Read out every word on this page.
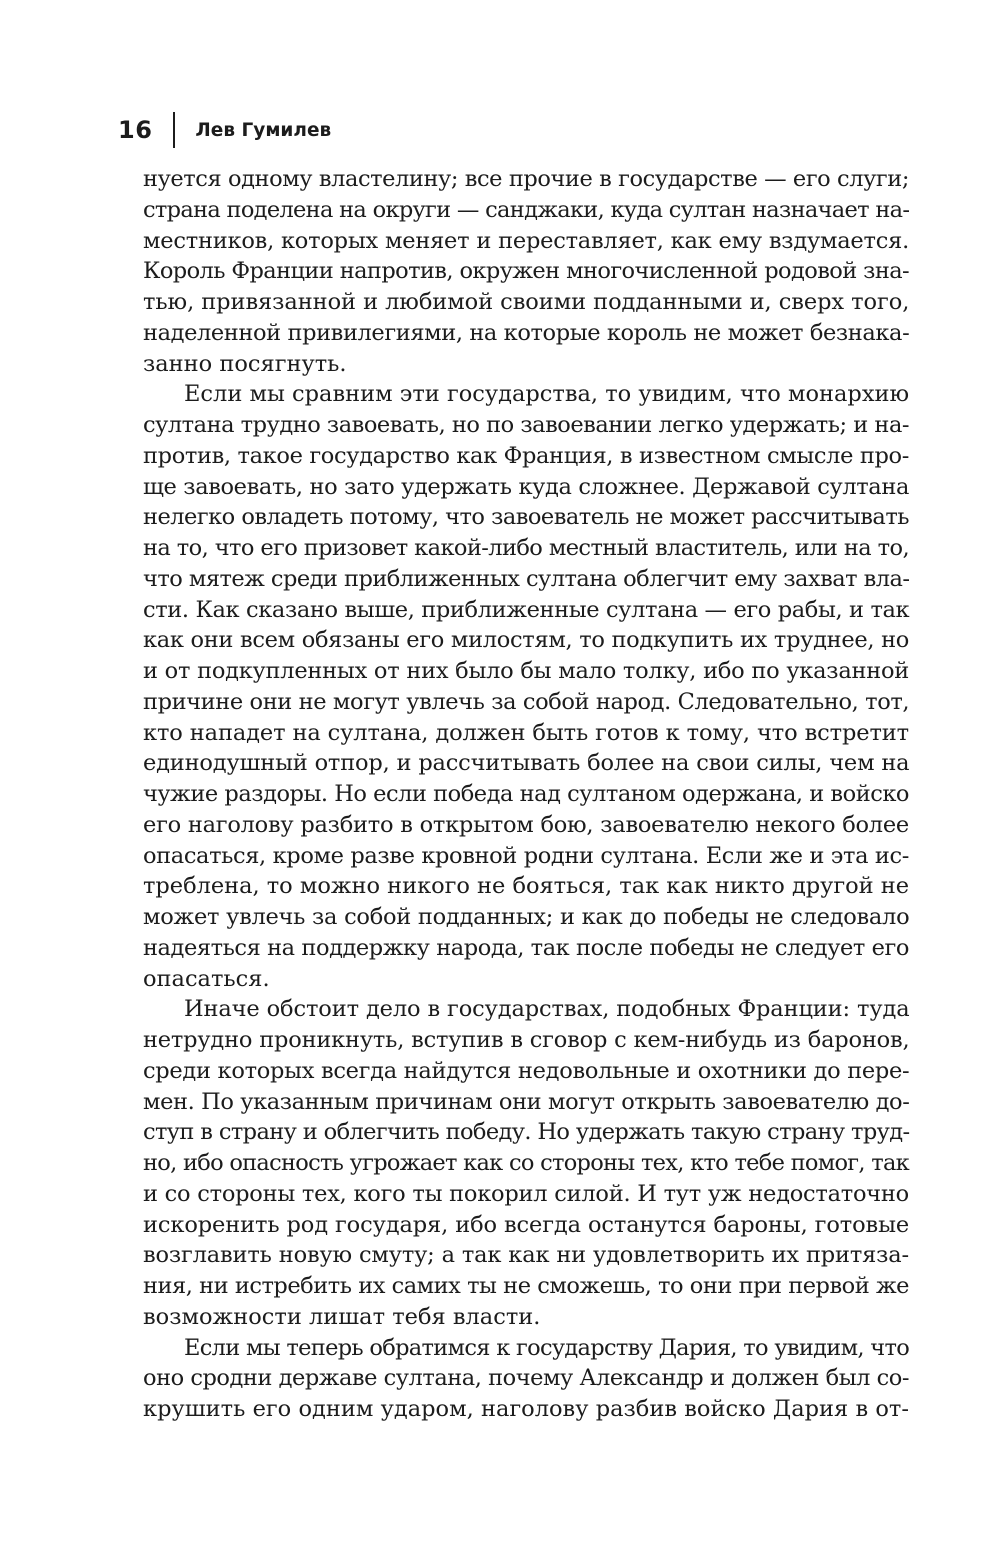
16 Лев Гумилев
нуется одному властелину; все прочие в государстве — его слуги;
страна поделена на округи — санджаки, куда султан назначает на-
местников, которых меняет и переставляет, как ему вздумается.
Король Франции напротив, окружен многочисленной родовой зна-
тью, привязанной и любимой своими подданными и, сверх того,
наделенной привилегиями, на которые король не может безнака-
занно посягнуть.
Если мы сравним эти государства, то увидим, что монархию
султана трудно завоевать, но по завоевании легко удержать; и на-
против, такое государство как Франция, в известном смысле про-
ще завоевать, но зато удержать куда сложнее. Державой султана
нелегко овладеть потому, что завоеватель не может рассчитывать
на то, что его призовет какой-либо местный властитель, или на то,
что мятеж среди приближенных султана облегчит ему захват вла-
сти. Как сказано выше, приближенные султана — его рабы, и так
как они всем обязаны его милостям, то подкупить их труднее, но
и от подкупленных от них было бы мало толку, ибо по указанной
причине они не могут увлечь за собой народ. Следовательно, тот,
кто нападет на султана, должен быть готов к тому, что встретит
единодушный отпор, и рассчитывать более на свои силы, чем на
чужие раздоры. Но если победа над султаном одержана, и войско
его наголову разбито в открытом бою, завоевателю некого более
опасаться, кроме разве кровной родни султана. Если же и эта ис-
треблена, то можно никого не бояться, так как никто другой не
может увлечь за собой подданных; и как до победы не следовало
надеяться на поддержку народа, так после победы не следует его
опасаться.
Иначе обстоит дело в государствах, подобных Франции: туда
нетрудно проникнуть, вступив в сговор с кем-нибудь из баронов,
среди которых всегда найдутся недовольные и охотники до пере-
мен. По указанным причинам они могут открыть завоевателю до-
ступ в страну и облегчить победу. Но удержать такую страну труд-
но, ибо опасность угрожает как со стороны тех, кто тебе помог, так
и со стороны тех, кого ты покорил силой. И тут уж недостаточно
искоренить род государя, ибо всегда останутся бароны, готовые
возглавить новую смуту; а так как ни удовлетворить их притяза-
ния, ни истребить их самих ты не сможешь, то они при первой же
возможности лишат тебя власти.
Если мы теперь обратимся к государству Дария, то увидим, что
оно сродни державе султана, почему Александр и должен был со-
крушить его одним ударом, наголову разбив войско Дария в от-
